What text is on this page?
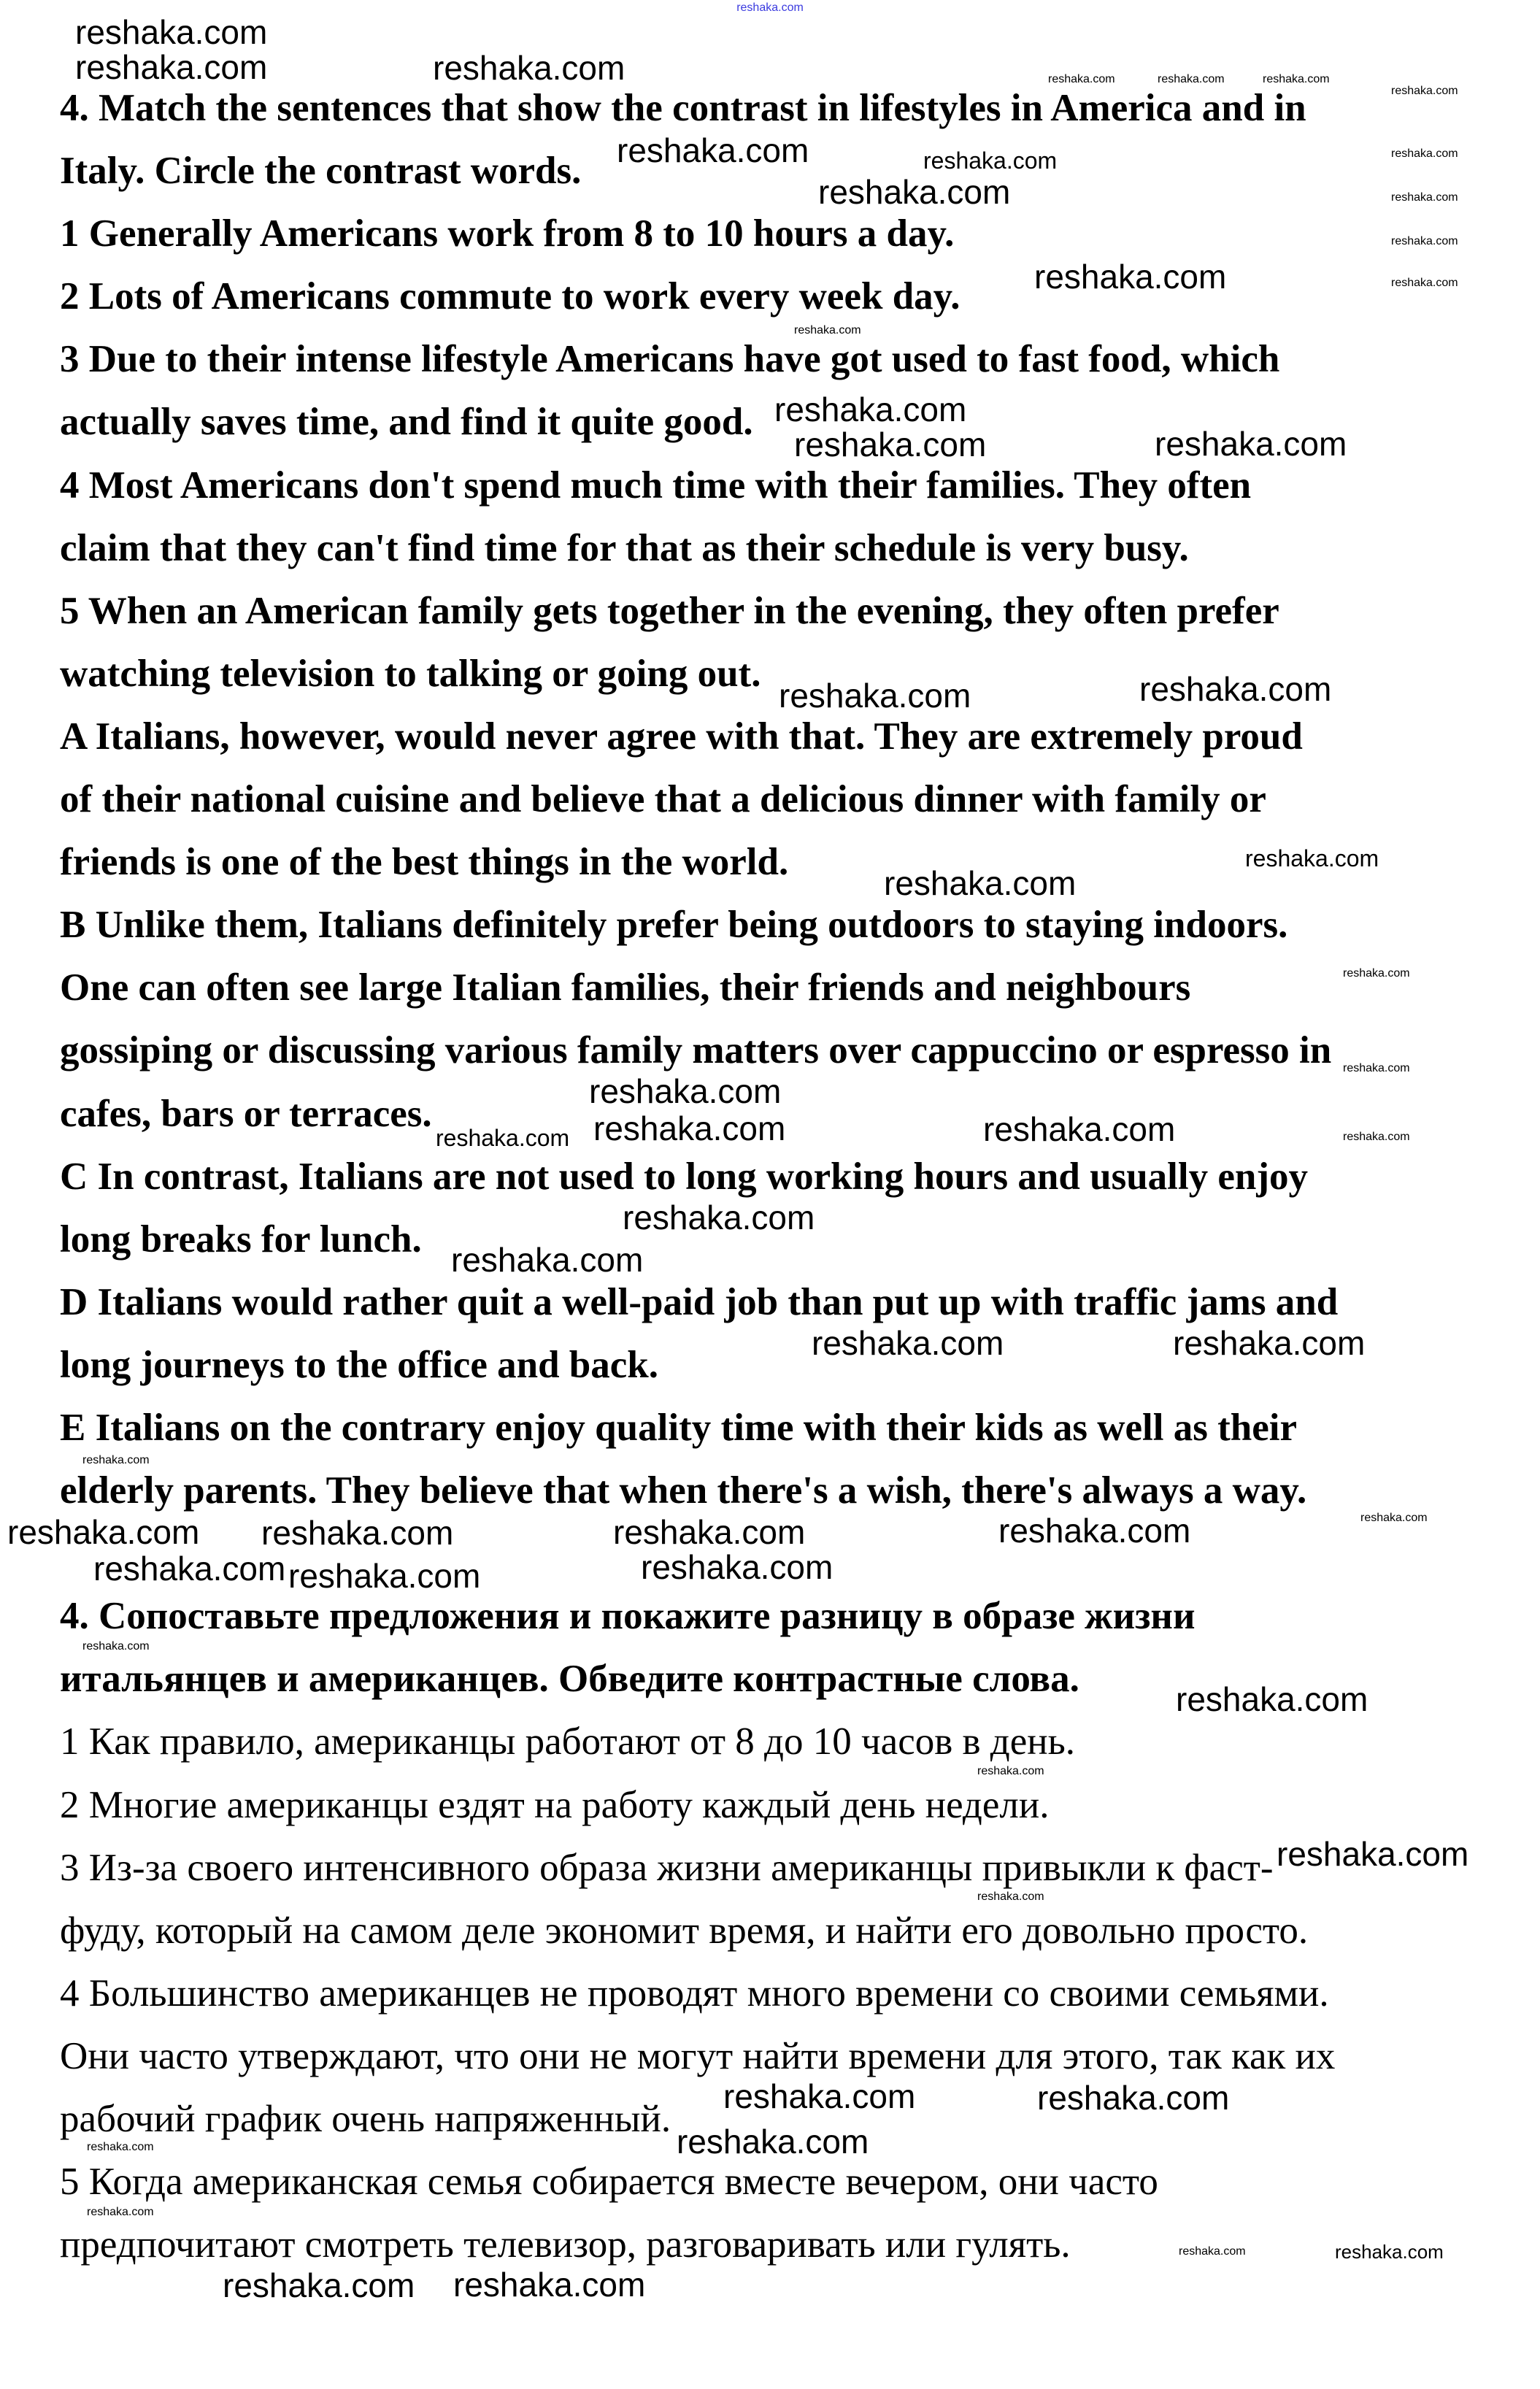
reshaka.com
4. Match the sentences that show the contrast in lifestyles in America and in
Italy. Circle the contrast words.
1 Generally Americans work from 8 to 10 hours a day.
2 Lots of Americans commute to work every week day.
3 Due to their intense lifestyle Americans have got used to fast food, which
actually saves time, and find it quite good.
4 Most Americans don't spend much time with their families. They often
claim that they can't find time for that as their schedule is very busy.
5 When an American family gets together in the evening, they often prefer
watching television to talking or going out.
A Italians, however, would never agree with that. They are extremely proud
of their national cuisine and believe that a delicious dinner with family or
friends is one of the best things in the world.
B Unlike them, Italians definitely prefer being outdoors to staying indoors.
One can often see large Italian families, their friends and neighbours
gossiping or discussing various family matters over cappuccino or espresso in
cafes, bars or terraces.
C In contrast, Italians are not used to long working hours and usually enjoy
long breaks for lunch.
D Italians would rather quit a well-paid job than put up with traffic jams and
long journeys to the office and back.
E Italians on the contrary enjoy quality time with their kids as well as their
elderly parents. They believe that when there's a wish, there's always a way.
4. Сопоставьте предложения и покажите разницу в образе жизни
итальянцев и американцев. Обведите контрастные слова.
1 Как правило, американцы работают от 8 до 10 часов в день.
2 Многие американцы ездят на работу каждый день недели.
3 Из-за своего интенсивного образа жизни американцы привыкли к фаст-
фуду, который на самом деле экономит время, и найти его довольно просто.
4 Большинство американцев не проводят много времени со своими семьями.
Они часто утверждают, что они не могут найти времени для этого, так как их
рабочий график очень напряженный.
5 Когда американская семья собирается вместе вечером, они часто
предпочитают смотреть телевизор, разговаривать или гулять.
reshaka.com
reshaka.com
reshaka.com
reshaka.com
reshaka.com
reshaka.com
reshaka.com
reshaka.com
reshaka.com
reshaka.com
reshaka.com
reshaka.com
reshaka.com
reshaka.com
reshaka.com
reshaka.com
reshaka.com
reshaka.com
reshaka.com	reshaka.com
reshaka.com
reshaka.com
reshaka.com	reshaka.com
reshaka.com
reshaka.com
reshaka.com
reshaka.com
reshaka.com
reshaka.com
reshaka.com
reshaka.com
reshaka.com
reshaka.com
reshaka.com
reshaka.com
reshaka.com
reshaka.com	reshaka.com	reshaka.com
reshaka.com
reshaka.com
reshaka.com
reshaka.com
reshaka.com
reshaka.com
reshaka.com
reshaka.com
reshaka.com
reshaka.com
reshaka.com
reshaka.com
reshaka.com
reshaka.com
reshaka.com
reshaka.com
reshaka.com
